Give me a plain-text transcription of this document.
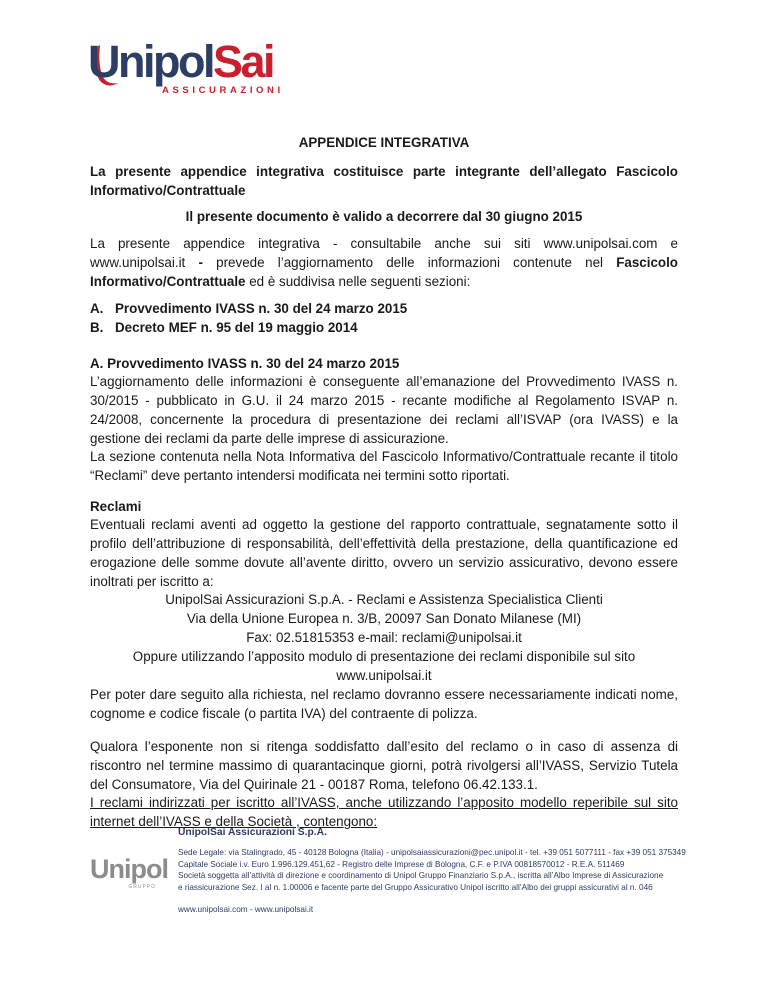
UnipolSai
ASSICURAZIONI
APPENDICE INTEGRATIVA
La presente appendice integrativa costituisce parte integrante dell’allegato Fascicolo Informativo/Contrattuale
Il presente documento è valido a decorrere dal 30 giugno 2015
La presente appendice integrativa - consultabile anche sui siti www.unipolsai.com e www.unipolsai.it - prevede l’aggiornamento delle informazioni contenute nel Fascicolo Informativo/Contrattuale ed è suddivisa nelle seguenti sezioni:
A. Provvedimento IVASS n. 30 del 24 marzo 2015
B. Decreto MEF n. 95 del 19 maggio 2014
A. Provvedimento IVASS n. 30 del 24 marzo 2015
L’aggiornamento delle informazioni è conseguente all’emanazione del Provvedimento IVASS n. 30/2015 - pubblicato in G.U. il 24 marzo 2015 - recante modifiche al Regolamento ISVAP n. 24/2008, concernente la procedura di presentazione dei reclami all’ISVAP (ora IVASS) e la gestione dei reclami da parte delle imprese di assicurazione.
La sezione contenuta nella Nota Informativa del Fascicolo Informativo/Contrattuale recante il titolo “Reclami” deve pertanto intendersi modificata nei termini sotto riportati.
Reclami
Eventuali reclami aventi ad oggetto la gestione del rapporto contrattuale, segnatamente sotto il profilo dell’attribuzione di responsabilità, dell’effettività della prestazione, della quantificazione ed erogazione delle somme dovute all’avente diritto, ovvero un servizio assicurativo, devono essere inoltrati per iscritto a:
UnipolSai Assicurazioni S.p.A. - Reclami e Assistenza Specialistica Clienti
Via della Unione Europea n. 3/B, 20097 San Donato Milanese (MI)
Fax: 02.51815353 e-mail: reclami@unipolsai.it
Oppure utilizzando l’apposito modulo di presentazione dei reclami disponibile sul sito
www.unipolsai.it
Per poter dare seguito alla richiesta, nel reclamo dovranno essere necessariamente indicati nome, cognome e codice fiscale (o partita IVA) del contraente di polizza.
Qualora l’esponente non si ritenga soddisfatto dall’esito del reclamo o in caso di assenza di riscontro nel termine massimo di quarantacinque giorni, potrà rivolgersi all’IVASS, Servizio Tutela del Consumatore, Via del Quirinale 21 - 00187 Roma, telefono 06.42.133.1.
I reclami indirizzati per iscritto all’IVASS, anche utilizzando l’apposito modello reperibile sul sito internet dell’IVASS e della Società , contengono:
Unipol
GRUPPO
UnipolSai Assicurazioni S.p.A.
Sede Legale: via Stalingrado, 45 - 40128 Bologna (Italia) - unipolsaiassicurazioni@pec.unipol.it - tel. +39 051 5077111 - fax +39 051 375349
Capitale Sociale i.v. Euro 1.996.129.451,62 - Registro delle Imprese di Bologna, C.F. e P.IVA 00818570012 - R.E.A. 511469
Società soggetta all’attività di direzione e coordinamento di Unipol Gruppo Finanziario S.p.A., iscritta all’Albo Imprese di Assicurazione
e riassicurazione Sez. I al n. 1.00006 e facente parte del Gruppo Assicurativo Unipol iscritto all’Albo dei gruppi assicurativi al n. 046
www.unipolsai.com - www.unipolsai.it
